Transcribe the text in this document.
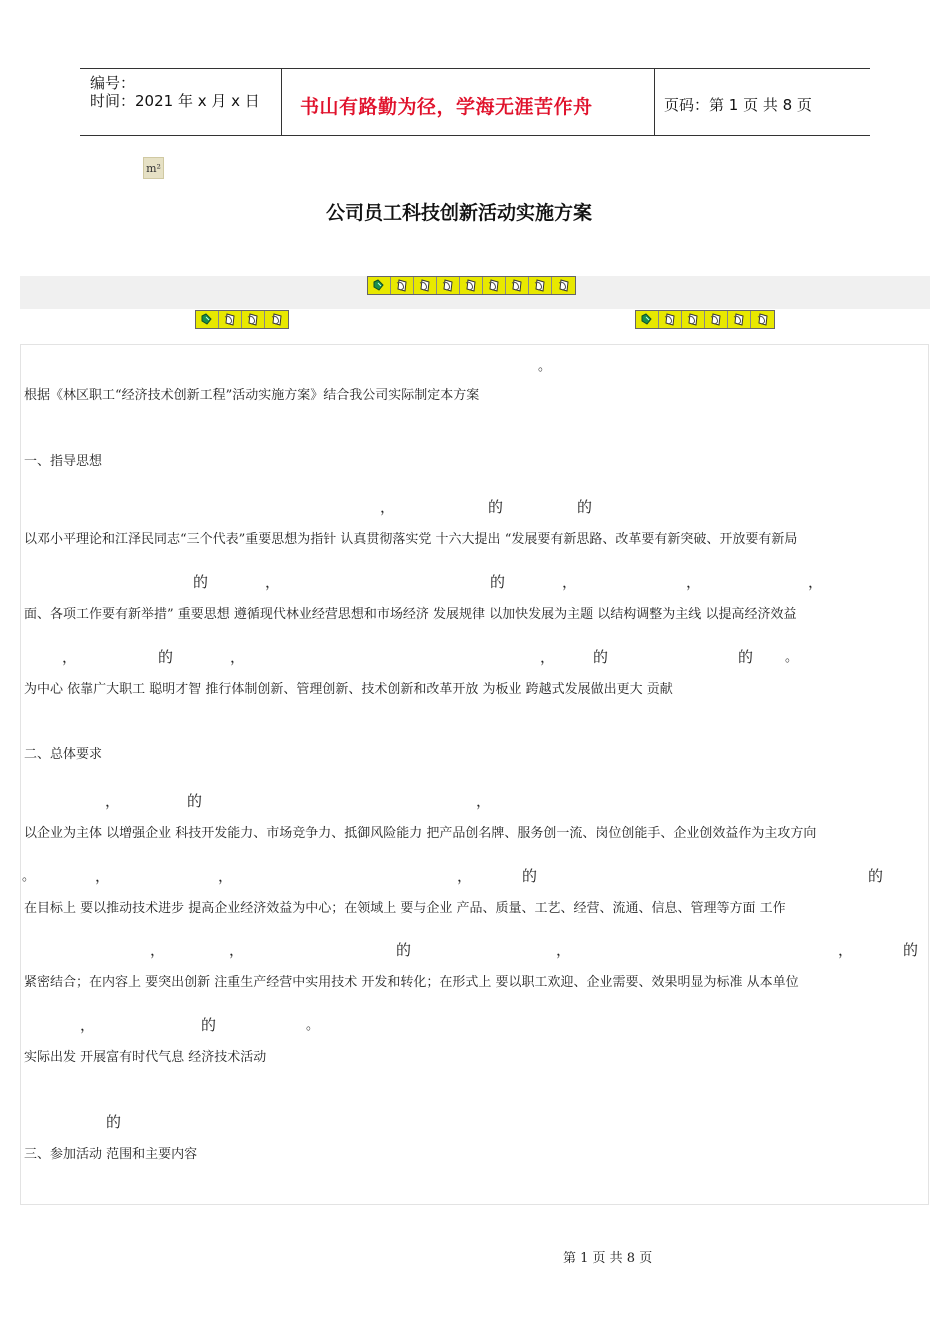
编号：
时间：2021 年 x 月 x 日 书山有路勤为径，学海无涯苦作舟	页码：第 1 页 共 8 页
m²
公司员工科技创新活动实施方案
。
根据《林区职工“经济技术创新工程”活动实施方案》结合我公司实际制定本方案
一、指导思想
，	的	的
以邓小平理论和江泽民同志“三个代表”重要思想为指针 认真贯彻落实党 十六大提出 “发展要有新思路、改革要有新突破、开放要有新局
的	，	的	，	，	，
面、各项工作要有新举措” 重要思想 遵循现代林业经营思想和市场经济 发展规律 以加快发展为主题 以结构调整为主线 以提高经济效益
，	的	，	，	的	的 。
为中心 依靠广大职工 聪明才智 推行体制创新、管理创新、技术创新和改革开放 为板业 跨越式发展做出更大 贡献
二、总体要求
，	的	，
以企业为主体 以增强企业 科技开发能力、市场竞争力、抵御风险能力 把产品创名牌、服务创一流、岗位创能手、企业创效益作为主攻方向
。	，	，	，	的	的
在目标上 要以推动技术进步 提高企业经济效益为中心；在领域上 要与企业 产品、质量、工艺、经营、流通、信息、管理等方面 工作
，	，	的	，	，	的
紧密结合；在内容上 要突出创新 注重生产经营中实用技术 开发和转化；在形式上 要以职工欢迎、企业需要、效果明显为标准 从本单位
，	的	。
实际出发 开展富有时代气息 经济技术活动
的
三、参加活动 范围和主要内容
第 1 页 共 8 页
